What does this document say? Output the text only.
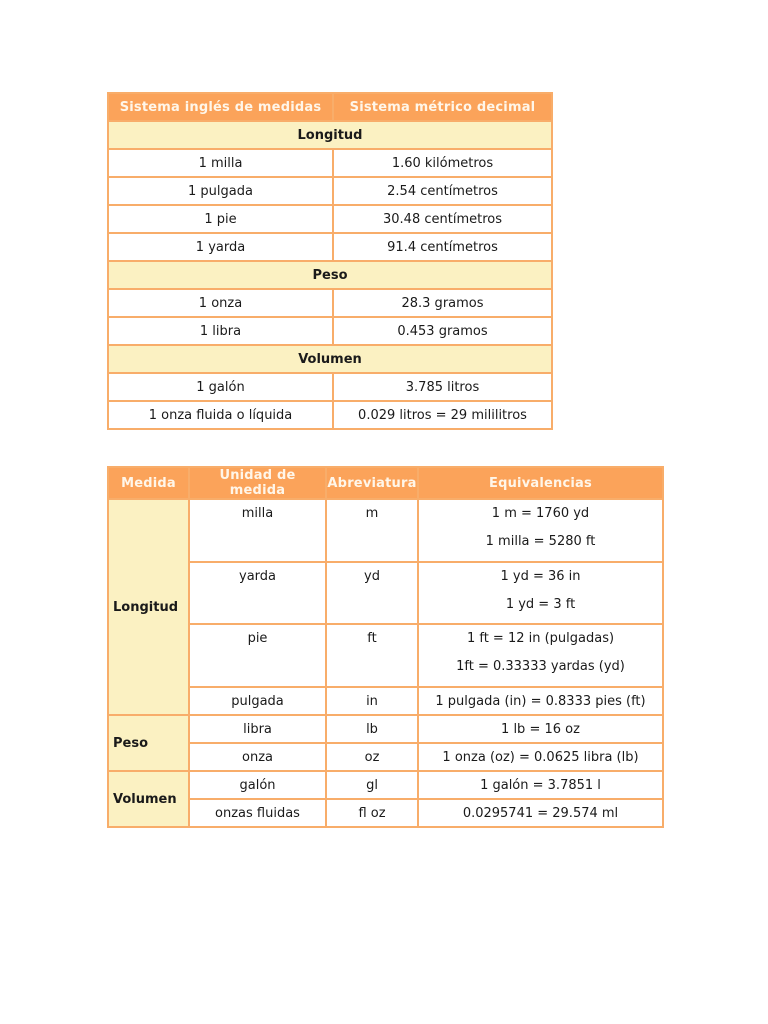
Sistema inglés de medidas	Sistema métrico decimal
Longitud	
1 milla	1.60 kilómetros
1 pulgada	2.54 centímetros
1 pie	30.48 centímetros
1 yarda	91.4 centímetros
Peso	
1 onza	28.3 gramos
1 libra	0.453 gramos
Volumen	
1 galón	3.785 litros
1 onza fluida o líquida	0.029 litros = 29 mililitros
Medida	Unidad de medida	Abreviatura	Equivalencias
Longitud	milla	m	1 m = 1760 yd
1 milla = 5280 ft

	yarda	yd	1 yd = 36 in
1 yd = 3 ft

	pie	ft	1 ft = 12 in (pulgadas)
1ft = 0.33333 yardas (yd)

	pulgada	in	1 pulgada (in) = 0.8333 pies (ft)
Peso	libra	lb	1 lb = 16 oz
	onza	oz	1 onza (oz) = 0.0625 libra (lb)
Volumen	galón	gl	1 galón = 3.7851 l
	onzas fluidas	fl oz	0.0295741 = 29.574 ml
